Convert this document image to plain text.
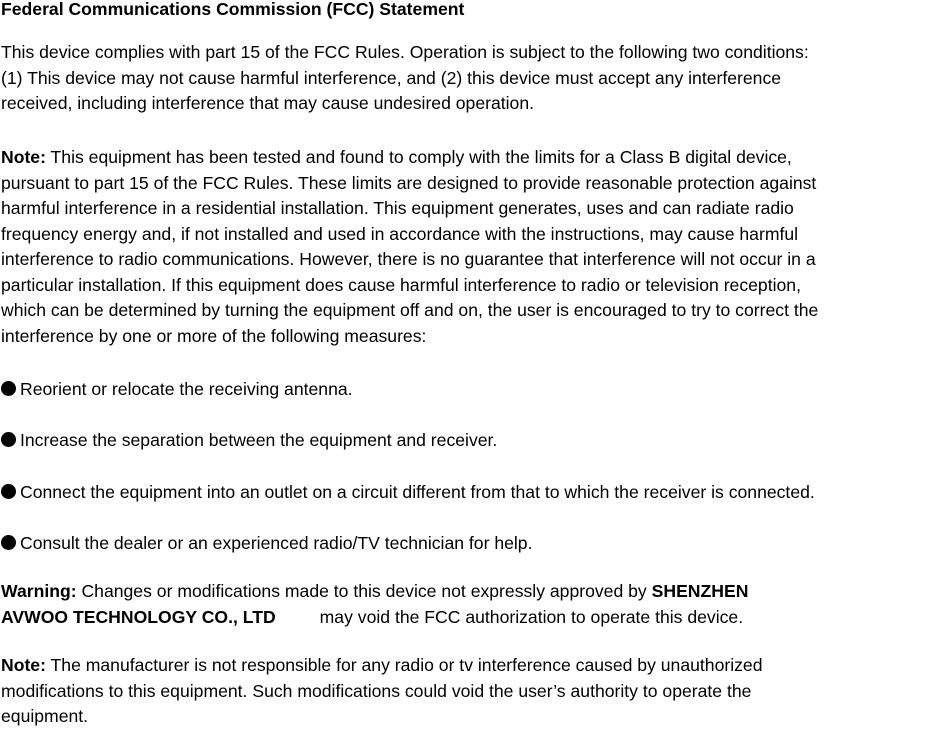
Federal Communications Commission (FCC) Statement

This device complies with part 15 of the FCC Rules. Operation is subject to the following two conditions:
(1) This device may not cause harmful interference, and (2) this device must accept any interference
received, including interference that may cause undesired operation.

Note: This equipment has been tested and found to comply with the limits for a Class B digital device,
pursuant to part 15 of the FCC Rules. These limits are designed to provide reasonable protection against
harmful interference in a residential installation. This equipment generates, uses and can radiate radio
frequency energy and, if not installed and used in accordance with the instructions, may cause harmful
interference to radio communications. However, there is no guarantee that interference will not occur in a
particular installation. If this equipment does cause harmful interference to radio or television reception,
which can be determined by turning the equipment off and on, the user is encouraged to try to correct the
interference by one or more of the following measures:

Reorient or relocate the receiving antenna.
Increase the separation between the equipment and receiver.
Connect the equipment into an outlet on a circuit different from that to which the receiver is connected.
Consult the dealer or an experienced radio/TV technician for help.

Warning: Changes or modifications made to this device not expressly approved by SHENZHEN
AVWOO TECHNOLOGY CO., LTD	may void the FCC authorization to operate this device.

Note: The manufacturer is not responsible for any radio or tv interference caused by unauthorized
modifications to this equipment. Such modifications could void the user’s authority to operate the
equipment.
